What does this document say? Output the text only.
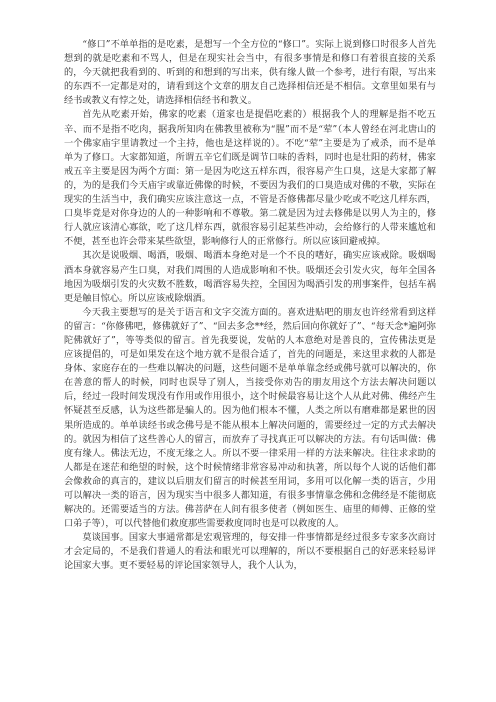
“修口”不单单指的是吃素，是想写一个全方位的“修口”。实际上说到修口时很多人首先想到的就是吃素和不骂人，但是在现实社会当中，有很多事情是和修口有着很直接的关系的，今天就把我看到的、听到的和想到的写出来，供有缘人做一个参考，进行有限，写出来的东西不一定都是对的，请看到这个文章的朋友自己选择相信还是不相信。文章里如果有与经书或教义有悖之处，请选择相信经书和教义。

首先从吃素开始，佛家的吃素（道家也是提倡吃素的）根据我个人的理解是指不吃五辛、而不是指不吃肉，据我所知肉在佛教里被称为“腥”而不是“荤”（本人曾经在河北唐山的一个佛家庙宇里请教过一个主持，他也是这样说的）。不吃“荤”主要是为了戒杀，而不是单单为了修口。大家都知道，所谓五辛它们既是调节口味的香料，同时也是壮阳的药材，佛家戒五辛主要是因为两个方面：第一是因为吃这五样东西，很容易产生口臭，这是大家都了解的，为的是我们今天庙宇或靠近佛像的时候，不要因为我们的口臭造成对佛的不敬，实际在现实的生活当中，我们确实应该注意这一点，不管是否修佛都尽量少吃或不吃这几样东西，口臭毕竟是对你身边的人的一种影响和不尊敬。第二就是因为过去修佛是以男人为主的，修行人就应该清心寡欲，吃了这几样东西，就很容易引起某些冲动，会给修行的人带来尴尬和不便，甚至也许会带来某些欲望，影响修行人的正常修行。所以应该回避戒掉。

其次是说吸烟、喝酒，吸烟、喝酒本身绝对是一个不良的嗜好，确实应该戒除。吸烟喝酒本身就容易产生口臭，对我们周围的人造成影响和不快。吸烟还会引发火灾，每年全国各地因为吸烟引发的火灾数不胜数，喝酒容易失控，全国因为喝酒引发的刑事案件，包括车祸更是触目惊心。所以应该戒除烟酒。

今天我主要想写的是关于语言和文字交流方面的。喜欢进贴吧的朋友也许经常看到这样的留言：“你修佛吧，修佛就好了”、“回去多念**经，然后回向你就好了”、“每天念*遍阿弥陀佛就好了”，等等类似的留言。首先我要说，发帖的人本意绝对是善良的，宣传佛法更是应该提倡的，可是如果发在这个地方就不是很合适了，首先的问题是，来这里求救的人都是身体、家庭存在的一些难以解决的问题，这些问题不是单单靠念经或佛号就可以解决的，你在善意的帮人的时候，同时也误导了别人，当接受你劝告的朋友用这个方法去解决问题以后，经过一段时间发现没有作用或作用很小，这个时候最容易让这个人从此对佛、佛经产生怀疑甚至反感，认为这些都是骗人的。因为他们根本不懂，人类之所以有磨难都是累世的因果所造成的。单单读经书或念佛号是不能从根本上解决问题的，需要经过一定的方式去解决的。就因为相信了这些善心人的留言，而放弃了寻找真正可以解决的方法。有句话叫做：佛度有缘人。佛法无边，不度无缘之人。所以不要一律采用一样的方法来解决。往往求求助的人都是在迷茫和绝望的时候，这个时候情绪非常容易冲动和执著，所以每个人说的话他们都会像救命的真言的，建议以后朋友们留言的时候甚至用词，多用可以化解一类的语言，少用可以解决一类的语言，因为现实当中很多人都知道，有很多事情靠念佛和念佛经是不能彻底解决的。还需要适当的方法。佛菩萨在人间有很多使者（例如医生、庙里的师傅、正修的堂口弟子等），可以代替他们救度那些需要救度同时也是可以救度的人。

莫谈国事。国家大事通常都是宏观管理的，每安排一件事情都是经过很多专家多次商讨才会定局的，不是我们普通人的看法和眼光可以理解的，所以不要根据自己的好恶来轻易评论国家大事。更不要轻易的评论国家领导人，我个人认为，
